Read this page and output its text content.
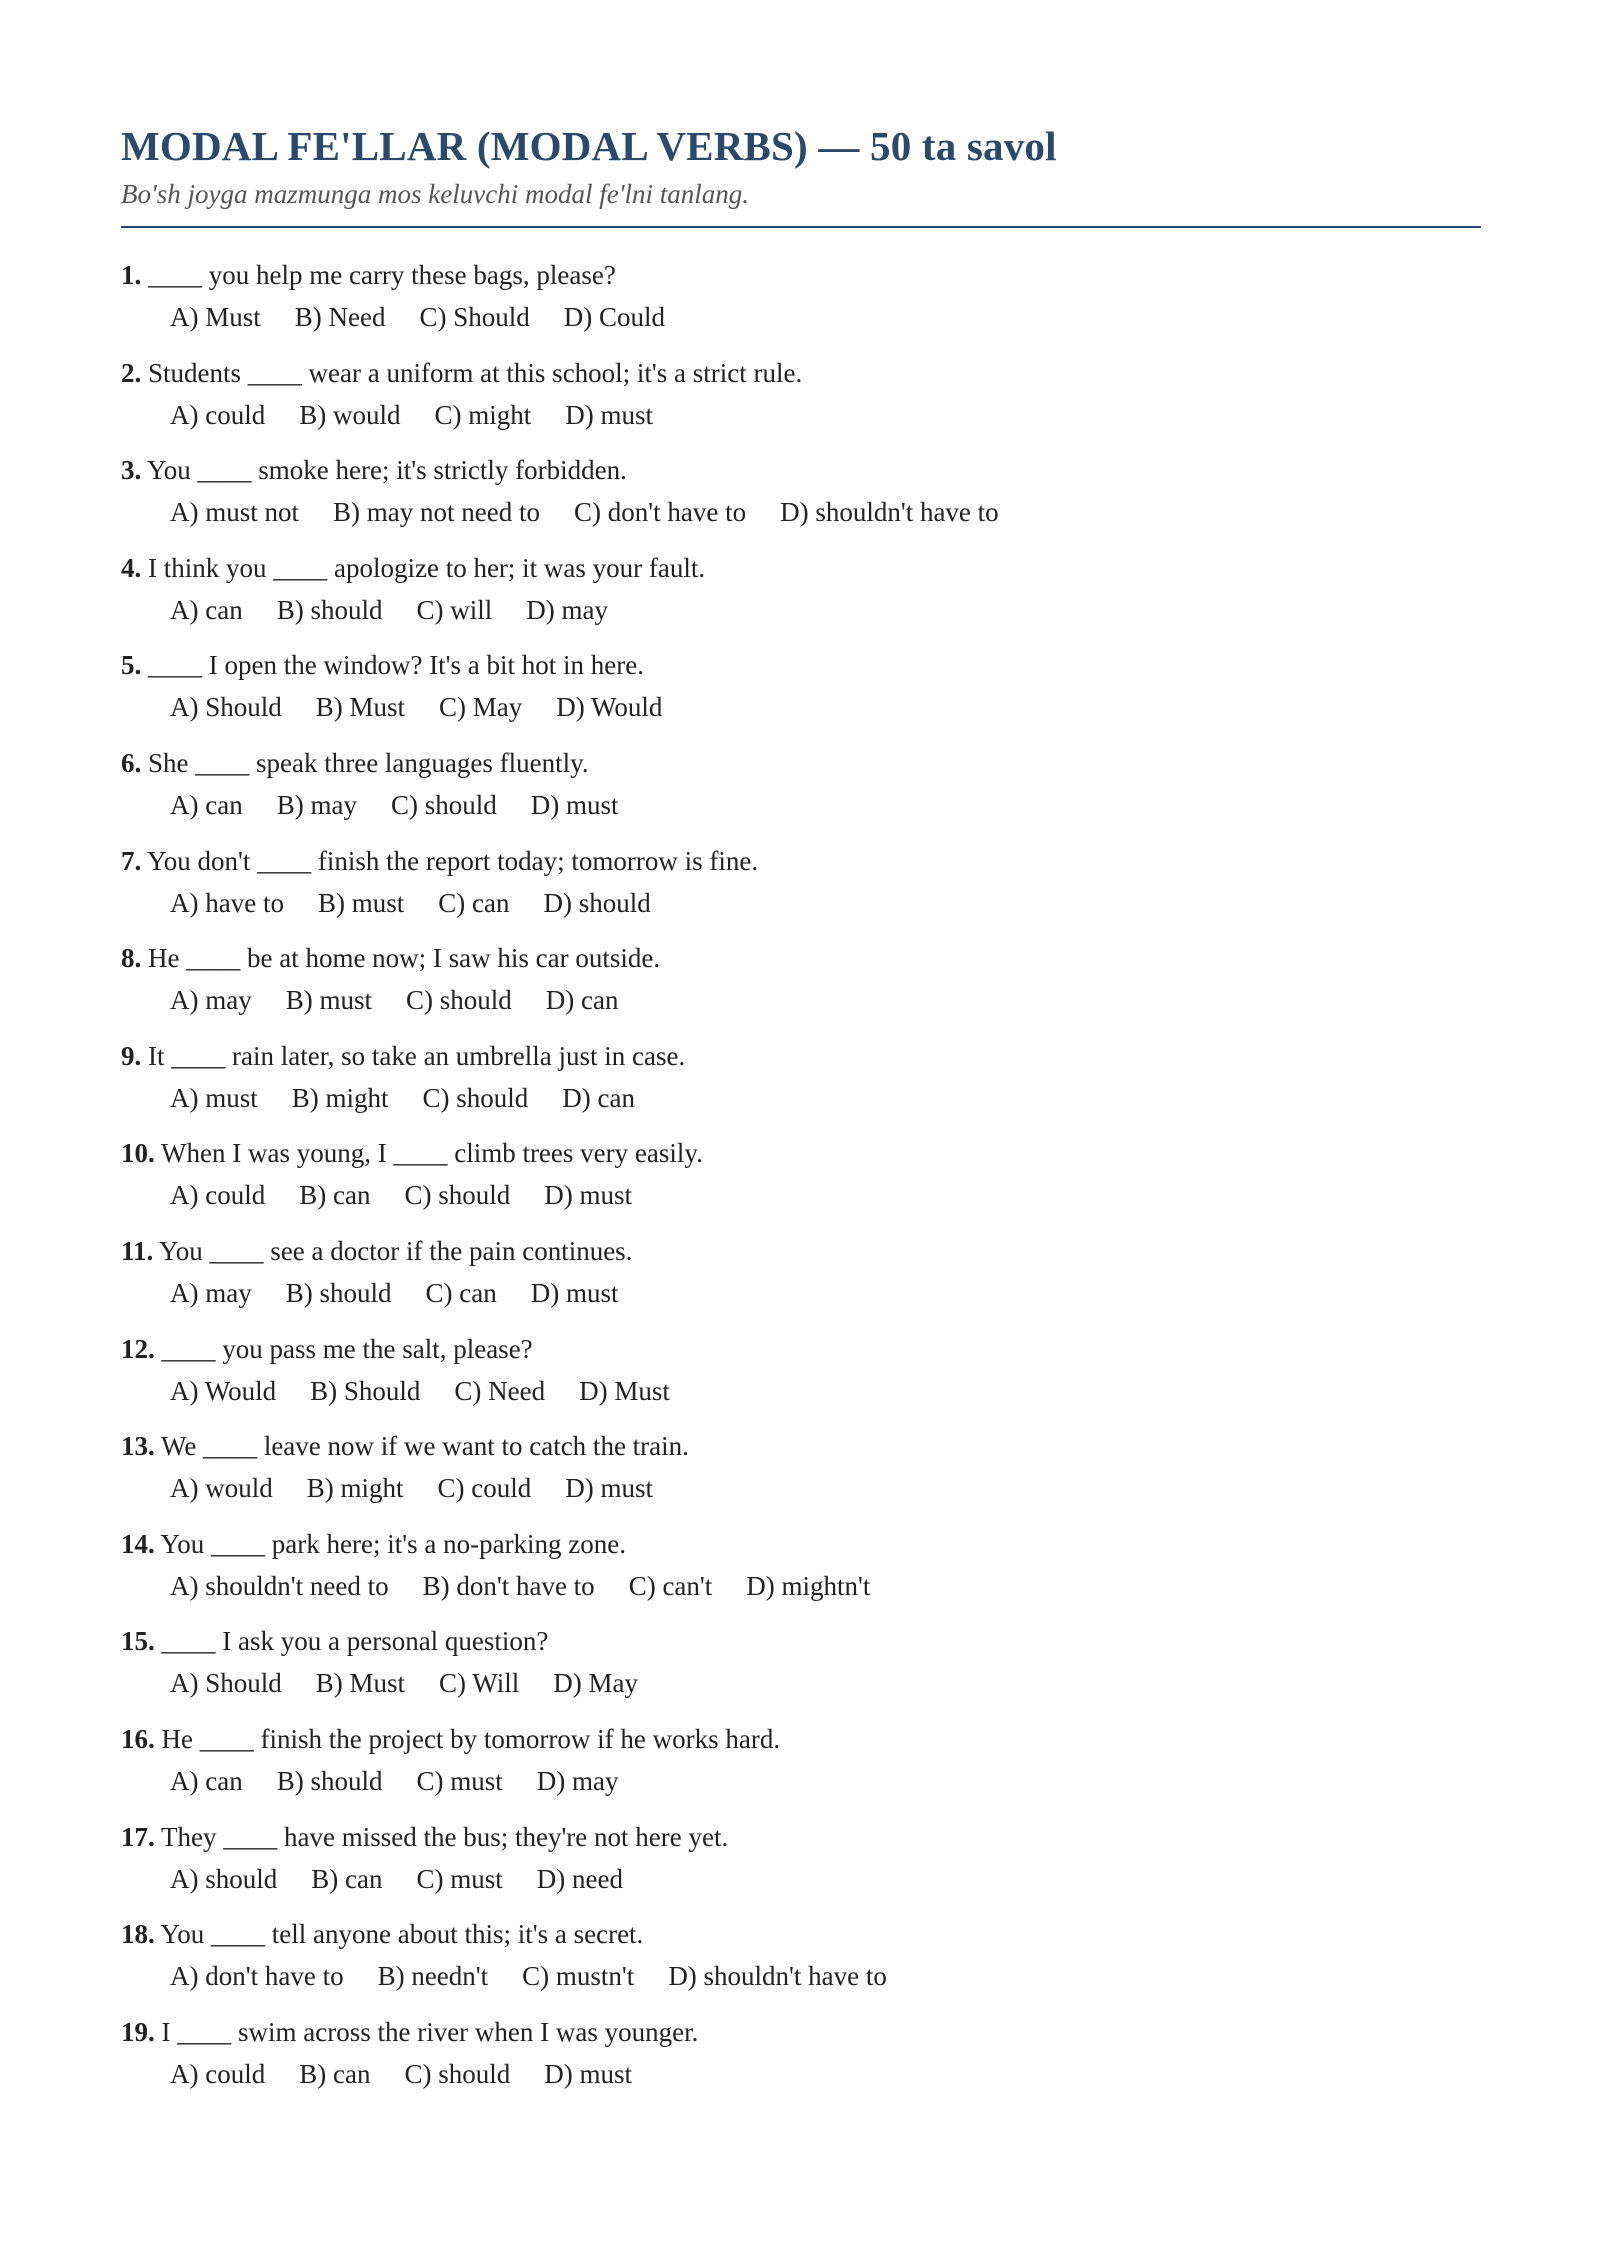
MODAL FE'LLAR (MODAL VERBS) — 50 ta savol

Bo'sh joyga mazmunga mos keluvchi modal fe'lni tanlang.

1. ____ you help me carry these bags, please?
A) Must B) Need C) Should D) Could
2. Students ____ wear a uniform at this school; it's a strict rule.
A) could B) would C) might D) must
3. You ____ smoke here; it's strictly forbidden.
A) must not B) may not need to C) don't have to D) shouldn't have to
4. I think you ____ apologize to her; it was your fault.
A) can B) should C) will D) may
5. ____ I open the window? It's a bit hot in here.
A) Should B) Must C) May D) Would
6. She ____ speak three languages fluently.
A) can B) may C) should D) must
7. You don't ____ finish the report today; tomorrow is fine.
A) have to B) must C) can D) should
8. He ____ be at home now; I saw his car outside.
A) may B) must C) should D) can
9. It ____ rain later, so take an umbrella just in case.
A) must B) might C) should D) can
10. When I was young, I ____ climb trees very easily.
A) could B) can C) should D) must
11. You ____ see a doctor if the pain continues.
A) may B) should C) can D) must
12. ____ you pass me the salt, please?
A) Would B) Should C) Need D) Must
13. We ____ leave now if we want to catch the train.
A) would B) might C) could D) must
14. You ____ park here; it's a no-parking zone.
A) shouldn't need to B) don't have to C) can't D) mightn't
15. ____ I ask you a personal question?
A) Should B) Must C) Will D) May
16. He ____ finish the project by tomorrow if he works hard.
A) can B) should C) must D) may
17. They ____ have missed the bus; they're not here yet.
A) should B) can C) must D) need
18. You ____ tell anyone about this; it's a secret.
A) don't have to B) needn't C) mustn't D) shouldn't have to
19. I ____ swim across the river when I was younger.
A) could B) can C) should D) must
